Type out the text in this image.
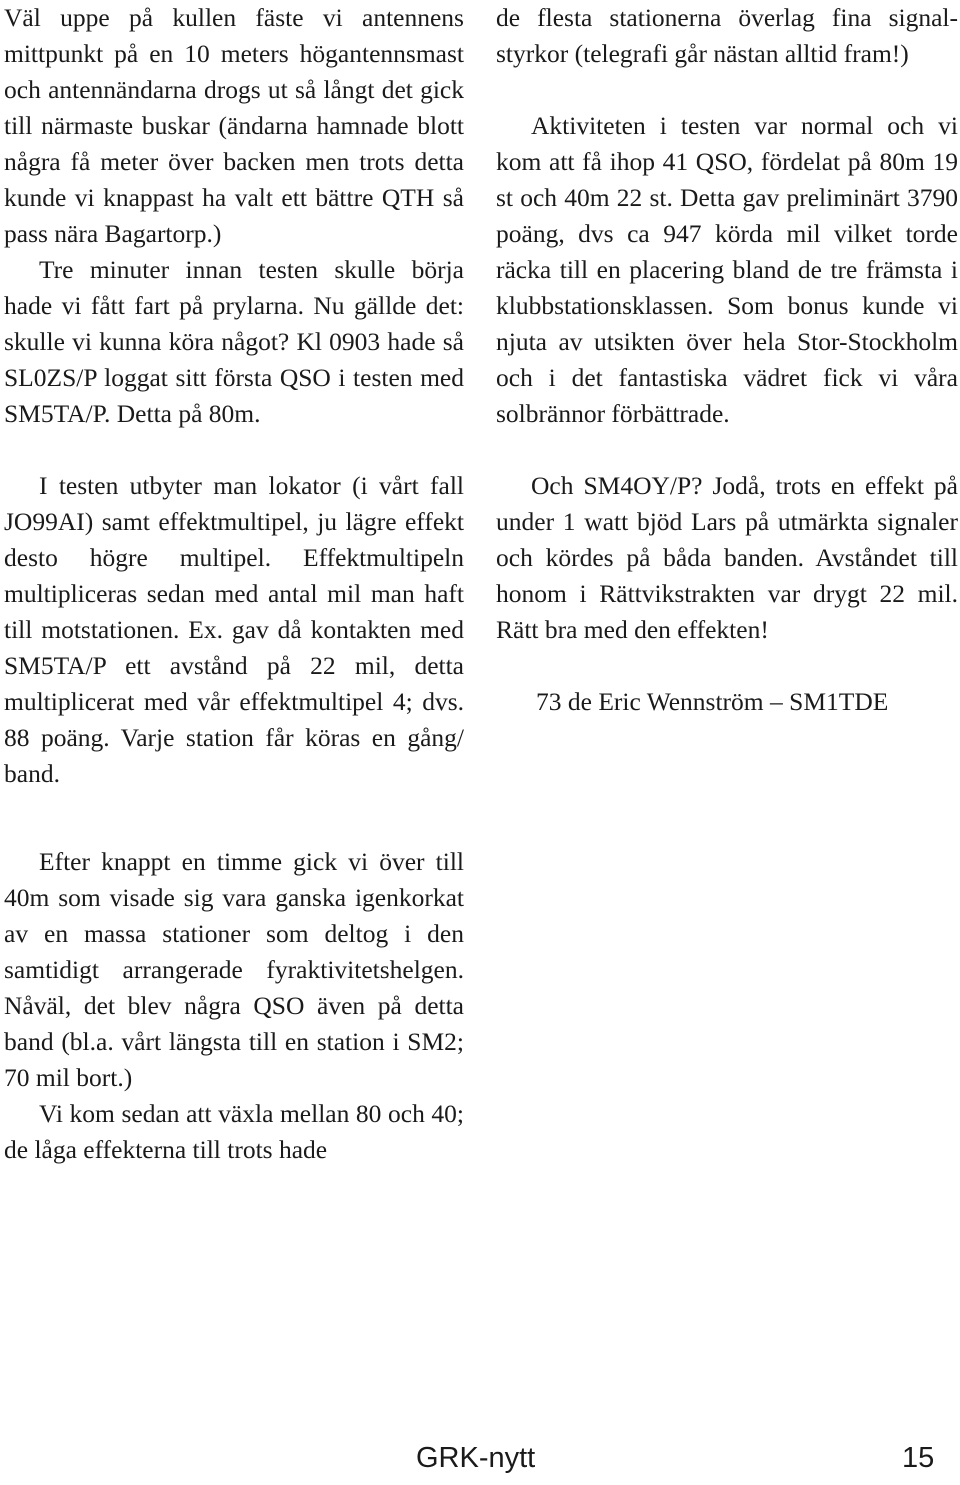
Väl uppe på kullen fäste vi antennens mittpunkt på en 10 meters högantennsmast och antennändarna drogs ut så långt det gick till närmaste buskar (ändarna hamnade blott några få meter över backen men trots detta kunde vi knappast ha valt ett bättre QTH så pass nära Bagartorp.)

Tre minuter innan testen skulle börja hade vi fått fart på prylarna. Nu gällde det: skulle vi kunna köra något? Kl 0903 hade så SL0ZS/P loggat sitt första QSO i testen med SM5TA/P. Detta på 80m.

I testen utbyter man lokator (i vårt fall JO99AI) samt effektmultipel, ju lägre effekt desto högre multipel. Effektmultipeln multipliceras sedan med antal mil man haft till motstationen. Ex. gav då kontakten med SM5TA/P ett avstånd på 22 mil, detta multiplicerat med vår effektmultipel 4; dvs. 88 poäng. Varje station får köras en gång/ band.

Efter knappt en timme gick vi över till 40m som visade sig vara ganska igenkorkat av en massa stationer som deltog i den samtidigt arrangerade fyraktivitetshelgen. Nåväl, det blev några QSO även på detta band (bl.a. vårt längsta till en station i SM2; 70 mil bort.)

Vi kom sedan att växla mellan 80 och 40; de låga effekterna till trots hade

de flesta stationerna överlag fina signalstyrkor (telegrafi går nästan alltid fram!)

Aktiviteten i testen var normal och vi kom att få ihop 41 QSO, fördelat på 80m 19 st och 40m 22 st. Detta gav preliminärt 3790 poäng, dvs ca 947 körda mil vilket torde räcka till en placering bland de tre främsta i klubbstationsklassen. Som bonus kunde vi njuta av utsikten över hela Stor-Stockholm och i det fantastiska vädret fick vi våra solbrännor förbättrade.

Och SM4OY/P? Jodå, trots en effekt på under 1 watt bjöd Lars på utmärkta signaler och kördes på båda banden. Avståndet till honom i Rättvikstrakten var drygt 22 mil. Rätt bra med den effekten!

73 de Eric Wennström – SM1TDE

GRK-nytt	15
